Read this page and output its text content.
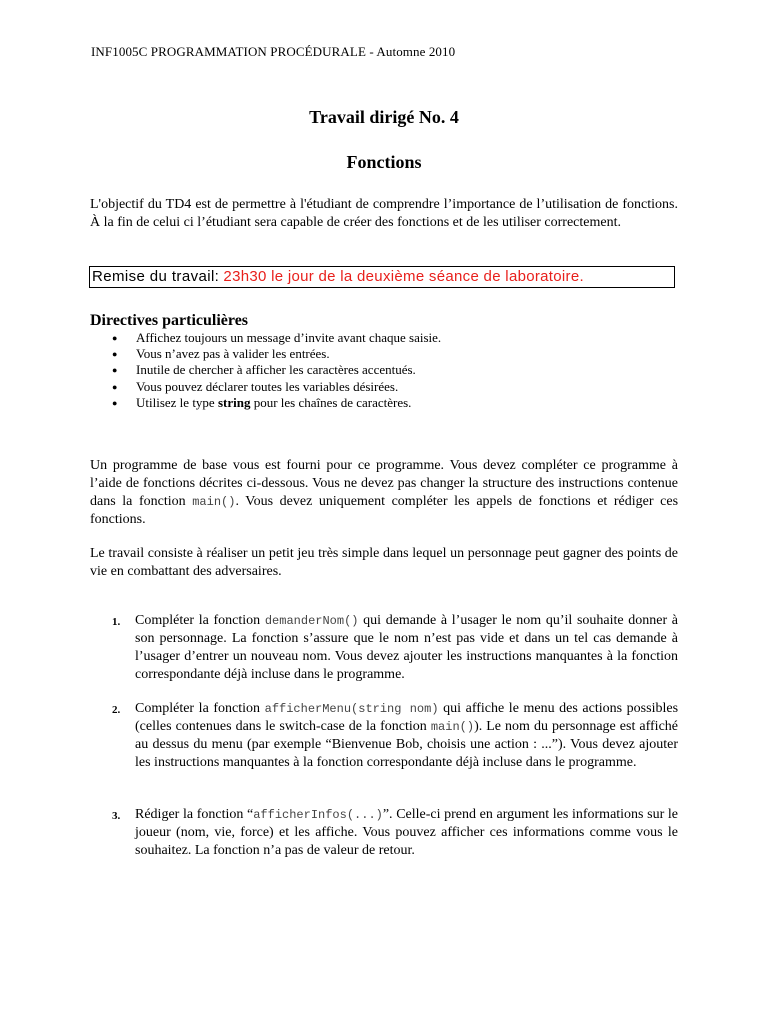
INF1005C PROGRAMMATION PROCÉDURALE - Automne 2010
Travail dirigé No. 4
Fonctions
L'objectif du TD4 est de permettre à l'étudiant de comprendre l’importance de l’utilisation de fonctions. À la fin de celui ci l’étudiant sera capable de créer des fonctions et de les utiliser correctement.
Remise du travail: 23h30 le jour de la deuxième séance de laboratoire.
Directives particulières
● Affichez toujours un message d’invite avant chaque saisie.
● Vous n’avez pas à valider les entrées.
● Inutile de chercher à afficher les caractères accentués.
● Vous pouvez déclarer toutes les variables désirées.
● Utilisez le type string pour les chaînes de caractères.
Un programme de base vous est fourni pour ce programme. Vous devez compléter ce programme à l’aide de fonctions décrites ci-dessous. Vous ne devez pas changer la structure des instructions contenue dans la fonction main(). Vous devez uniquement compléter les appels de fonctions et rédiger ces fonctions.
Le travail consiste à réaliser un petit jeu très simple dans lequel un personnage peut gagner des points de vie en combattant des adversaires.
1. Compléter la fonction demanderNom() qui demande à l’usager le nom qu’il souhaite donner à son personnage. La fonction s’assure que le nom n’est pas vide et dans un tel cas demande à l’usager d’entrer un nouveau nom. Vous devez ajouter les instructions manquantes à la fonction correspondante déjà incluse dans le programme.
2. Compléter la fonction afficherMenu(string nom) qui affiche le menu des actions possibles (celles contenues dans le switch-case de la fonction main()). Le nom du personnage est affiché au dessus du menu (par exemple “Bienvenue Bob, choisis une action : ...”). Vous devez ajouter les instructions manquantes à la fonction correspondante déjà incluse dans le programme.
3. Rédiger la fonction “afficherInfos(...)”. Celle-ci prend en argument les informations sur le joueur (nom, vie, force) et les affiche. Vous pouvez afficher ces informations comme vous le souhaitez. La fonction n’a pas de valeur de retour.
